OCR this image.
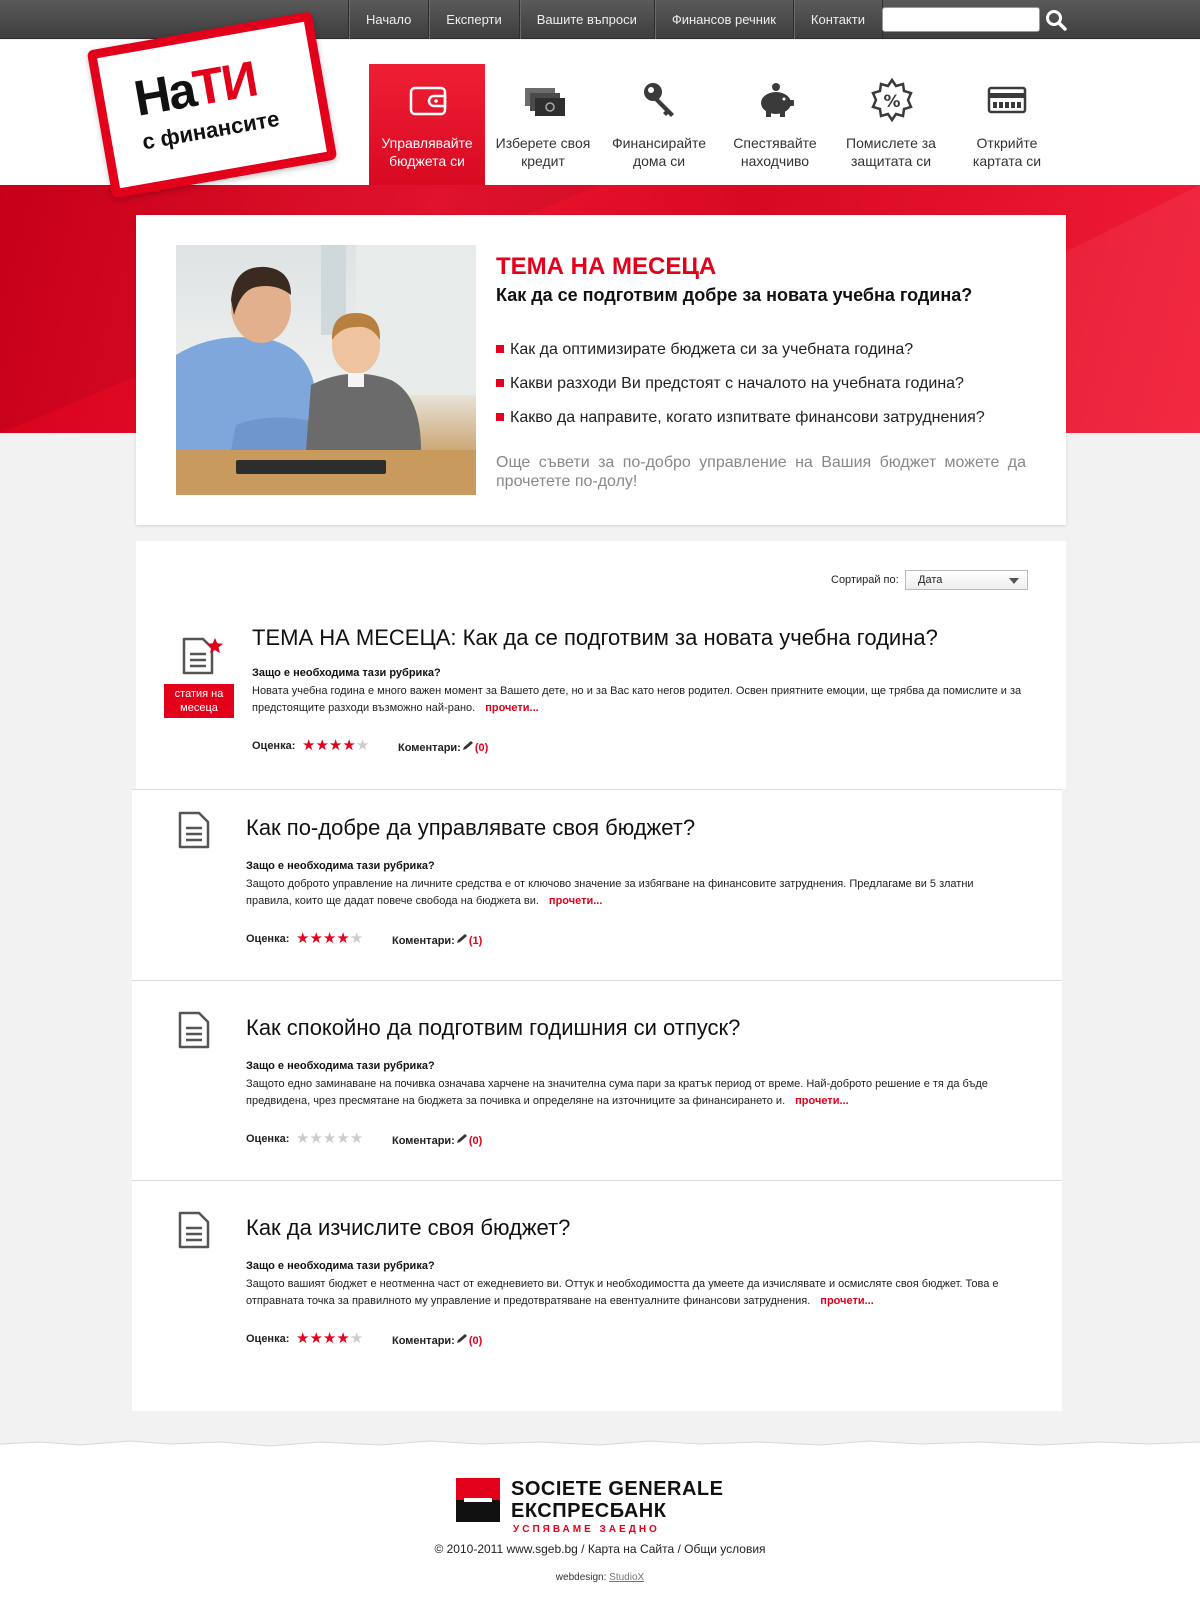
Начало	Експерти	Вашите въпроси	Финансов речник	Контакти
НаТИ
с финансите	Управлявайте бюджета си
Изберете своя кредит
Финансирайте дома си
Спестявайте находчиво
%
Помислете за защитата си
Открийте картата си
ТЕМА НА МЕСЕЦА
Как да се подготвим добре за новата учебна година?
Как да оптимизирате бюджета си за учебната година?
Какви разходи Ви предстоят с началото на учебната година?
Какво да направите, когато изпитвате финансови затруднения?
Още съвети за по-добро управление на Вашия бюджет можете да прочетете по-долу!
Сортирай по:	Дата
статия на месеца
ТЕМА НА МЕСЕЦА: Как да се подготвим за новата учебна година?
Защо е необходима тази рубрика?
Новата учебна година е много важен момент за Вашето дете, но и за Вас като негов родител. Освен приятните емоции, ще трябва да помислите и за предстоящите разходи възможно най-рано. прочети...
Оценка: ★★★★★	Коментари: (0)
Как по-добре да управлявате своя бюджет?
Защо е необходима тази рубрика?
Защото доброто управление на личните средства е от ключово значение за избягване на финансовите затруднения. Предлагаме ви 5 златни правила, които ще дадат повече свобода на бюджета ви. прочети...
Оценка: ★★★★★	Коментари: (1)
Как спокойно да подготвим годишния си отпуск?
Защо е необходима тази рубрика?
Защото едно заминаване на почивка означава харчене на значителна сума пари за кратък период от време. Най-доброто решение е тя да бъде предвидена, чрез пресмятане на бюджета за почивка и определяне на източниците за финансирането и. прочети...
Оценка: ★★★★★	Коментари: (0)
Как да изчислите своя бюджет?
Защо е необходима тази рубрика?
Защото вашият бюджет е неотменна част от ежедневието ви. Оттук и необходимостта да умеете да изчислявате и осмисляте своя бюджет. Това е отправната точка за правилното му управление и предотвратяване на евентуалните финансови затруднения. прочети...
Оценка: ★★★★★	Коментари: (0)
SOCIETE GENERALE
ЕКСПРЕСБАНК
УСПЯВАМЕ ЗАЕДНО
© 2010-2011 www.sgeb.bg / Карта на Сайта / Общи условия
webdesign: StudioX
